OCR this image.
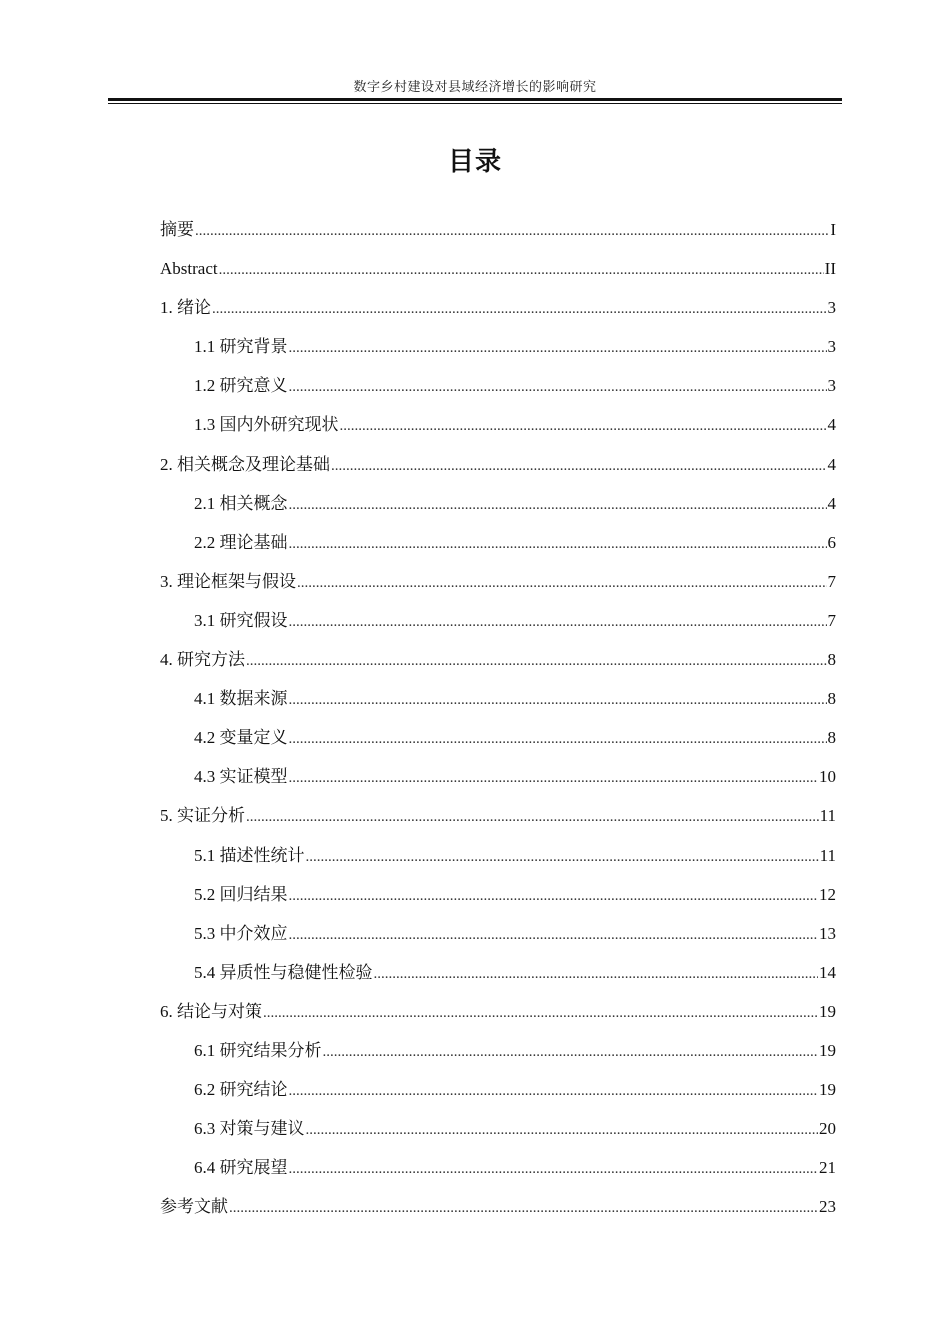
数字乡村建设对县域经济增长的影响研究
目录
摘要 .....	I
Abstract .....	II
1. 绪论 .....	3
1.1 研究背景 .....	3
1.2 研究意义 .....	3
1.3 国内外研究现状 .....	4
2. 相关概念及理论基础 .....	4
2.1 相关概念 .....	4
2.2 理论基础 .....	6
3. 理论框架与假设 .....	7
3.1 研究假设 .....	7
4. 研究方法 .....	8
4.1 数据来源 .....	8
4.2 变量定义 .....	8
4.3 实证模型 .....	10
5. 实证分析 .....	11
5.1 描述性统计 .....	11
5.2 回归结果 .....	12
5.3 中介效应 .....	13
5.4 异质性与稳健性检验 .....	14
6. 结论与对策 .....	19
6.1 研究结果分析 .....	19
6.2 研究结论 .....	19
6.3 对策与建议 .....	20
6.4 研究展望 .....	21
参考文献 .....	23
